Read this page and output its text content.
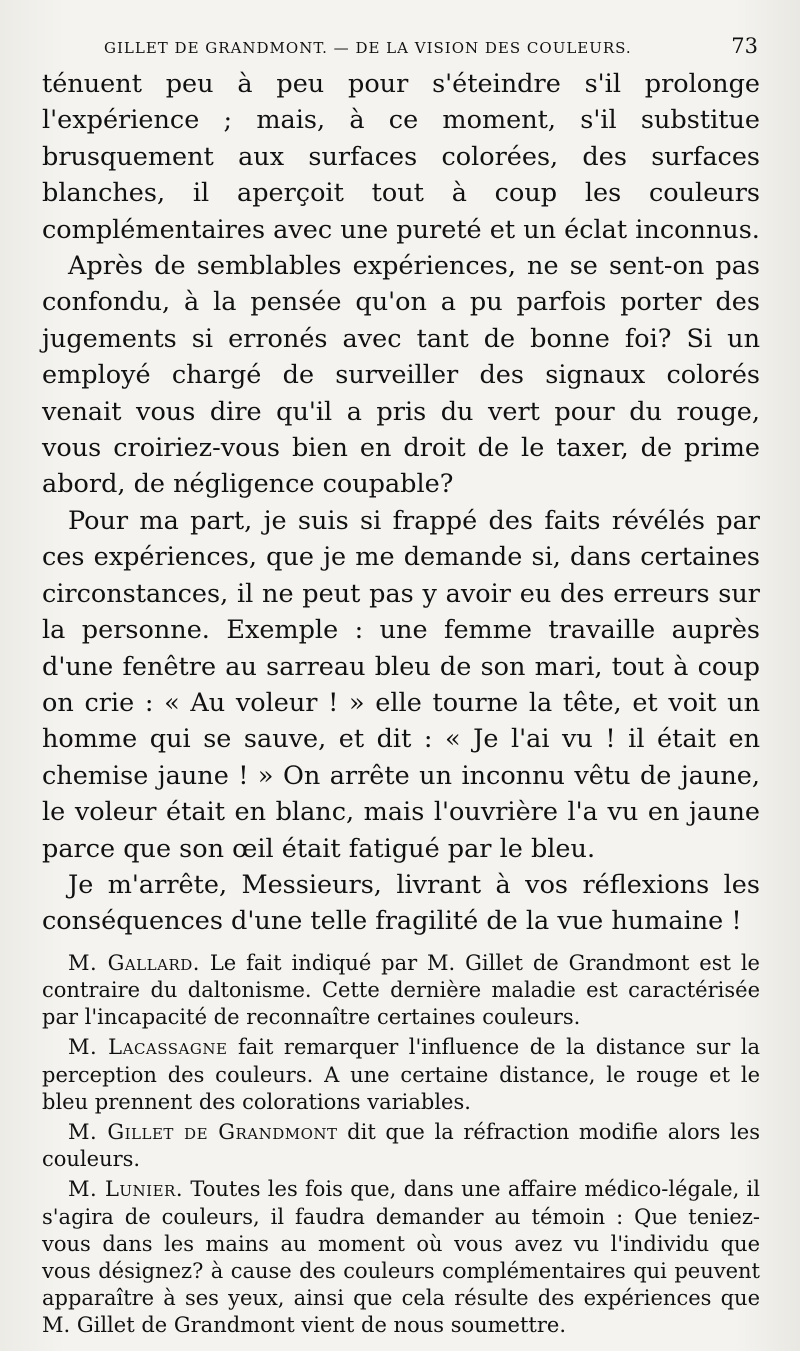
GILLET DE GRANDMONT. — DE LA VISION DES COULEURS.	73

ténuent peu à peu pour s'éteindre s'il prolonge l'expérience ; mais, à ce moment, s'il substitue brusquement aux surfaces colorées, des surfaces blanches, il aperçoit tout à coup les couleurs complémentaires avec une pureté et un éclat inconnus.

Après de semblables expériences, ne se sent-on pas confondu, à la pensée qu'on a pu parfois porter des jugements si erronés avec tant de bonne foi? Si un employé chargé de surveiller des signaux colorés venait vous dire qu'il a pris du vert pour du rouge, vous croiriez-vous bien en droit de le taxer, de prime abord, de négligence coupable?

Pour ma part, je suis si frappé des faits révélés par ces expériences, que je me demande si, dans certaines circonstances, il ne peut pas y avoir eu des erreurs sur la personne. Exemple : une femme travaille auprès d'une fenêtre au sarreau bleu de son mari, tout à coup on crie : « Au voleur ! » elle tourne la tête, et voit un homme qui se sauve, et dit : « Je l'ai vu ! il était en chemise jaune ! » On arrête un inconnu vêtu de jaune, le voleur était en blanc, mais l'ouvrière l'a vu en jaune parce que son œil était fatigué par le bleu.

Je m'arrête, Messieurs, livrant à vos réflexions les conséquences d'une telle fragilité de la vue humaine !

M. Gallard. Le fait indiqué par M. Gillet de Grandmont est le contraire du daltonisme. Cette dernière maladie est caractérisée par l'incapacité de reconnaître certaines couleurs.

M. Lacassagne fait remarquer l'influence de la distance sur la perception des couleurs. A une certaine distance, le rouge et le bleu prennent des colorations variables.

M. Gillet de Grandmont dit que la réfraction modifie alors les couleurs.

M. Lunier. Toutes les fois que, dans une affaire médico-légale, il s'agira de couleurs, il faudra demander au témoin : Que teniez-vous dans les mains au moment où vous avez vu l'individu que vous désignez? à cause des couleurs complémentaires qui peuvent apparaître à ses yeux, ainsi que cela résulte des expériences que M. Gillet de Grandmont vient de nous soumettre.
